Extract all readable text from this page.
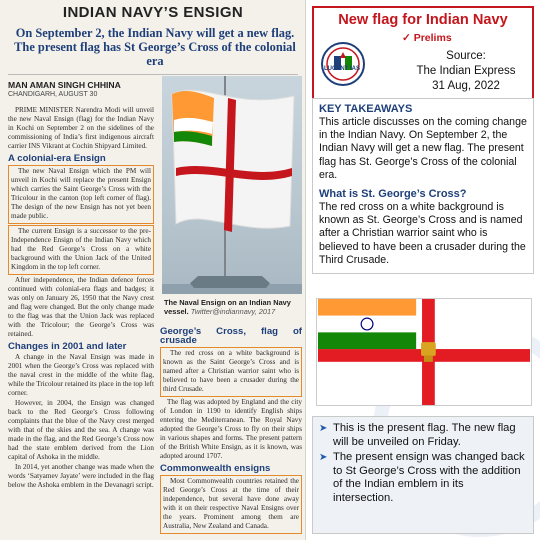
INDIAN NAVY’S ENSIGN
On September 2, the Indian Navy will get a new flag. The present flag has St George’s Cross of the colonial era
MAN AMAN SINGH CHHINA
CHANDIGARH, AUGUST 30

PRIME MINISTER Narendra Modi will unveil the new Naval Ensign (flag) for the Indian Navy in Kochi on September 2 on the sidelines of the commissioning of India’s first indigenous aircraft carrier INS Vikrant at Cochin Shipyard Limited.

A colonial-era Ensign

The new Naval Ensign which the PM will unveil in Kochi will replace the present Ensign which carries the Saint George’s Cross with the Tricolour in the canton (top left corner of flag). The design of the new Ensign has not yet been made public.

The current Ensign is a successor to the pre-Independence Ensign of the Indian Navy which had the Red George’s Cross on a white background with the Union Jack of the United Kingdom in the top left corner.

After independence, the Indian defence forces continued with colonial-era flags and badges; it was only on January 26, 1950 that the Navy crest and flag were changed. But the only change made to the flag was that the Union Jack was replaced with the Tricolour; the George’s Cross was retained.

Changes in 2001 and later

A change in the Naval Ensign was made in 2001 when the George’s Cross was replaced with the naval crest in the middle of the white flag, while the Tricolour retained its place in the top left corner.

However, in 2004, the Ensign was changed back to the Red George’s Cross following complaints that the blue of the Navy crest merged with that of the skies and the sea. A change was made in the flag, and the Red George’s Cross now had the state emblem derived from the Lion capital of Ashoka in the middle.

In 2014, yet another change was made when the words ‘Satyamev Jayate’ were included in the flag below the Ashoka emblem in the Devanagri script.

The Naval Ensign on an Indian Navy vessel. Twitter@indiannavy, 2017
George’s Cross, flag of crusade

The red cross on a white background is known as the Saint George’s Cross and is named after a Christian warrior saint who is believed to have been a crusader during the third Crusade.

The flag was adopted by England and the city of London in 1190 to identify English ships entering the Mediterranean. The Royal Navy adopted the George’s Cross to fly on their ships in various shapes and forms. The present pattern of the British White Ensign, as it is known, was adopted around 1707.

Commonwealth ensigns

Most Commonwealth countries retained the Red George’s Cross at the time of their independence, but several have done away with it on their respective Naval Ensigns over the years. Prominent among them are Australia, New Zealand and Canada.

New flag for Indian Navy
✓ Prelims
LUCENT IAS
Source:
The Indian Express
31 Aug, 2022
KEY TAKEAWAYS

This article discusses on the coming change in the Indian Navy. On September 2, the Indian Navy will get a new flag. The present flag has St. George’s Cross of the colonial era.

What is St. George’s Cross?

The red cross on a white background is known as St. George’s Cross and is named after a Christian warrior saint who is believed to have been a crusader during the Third Crusade.

➤ This is the present flag. The new flag will be unveiled on Friday.
➤ The present ensign was changed back to St George’s Cross with the addition of the Indian emblem in its intersection.
